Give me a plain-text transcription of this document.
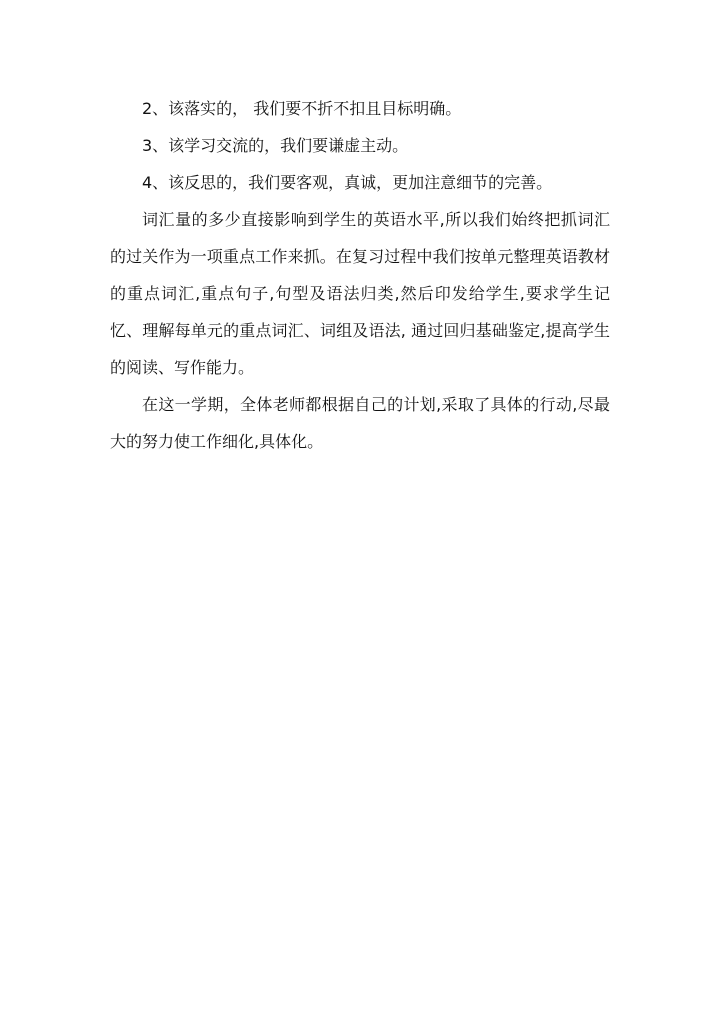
2、该落实的， 我们要不折不扣且目标明确。

3、该学习交流的，我们要谦虚主动。

4、该反思的，我们要客观，真诚，更加注意细节的完善。

词汇量的多少直接影响到学生的英语水平,所以我们始终把抓词汇的过关作为一项重点工作来抓。在复习过程中我们按单元整理英语教材的重点词汇,重点句子,句型及语法归类,然后印发给学生,要求学生记忆、理解每单元的重点词汇、词组及语法, 通过回归基础鉴定,提高学生的阅读、写作能力。

在这一学期，全体老师都根据自己的计划,采取了具体的行动,尽最大的努力使工作细化,具体化。
